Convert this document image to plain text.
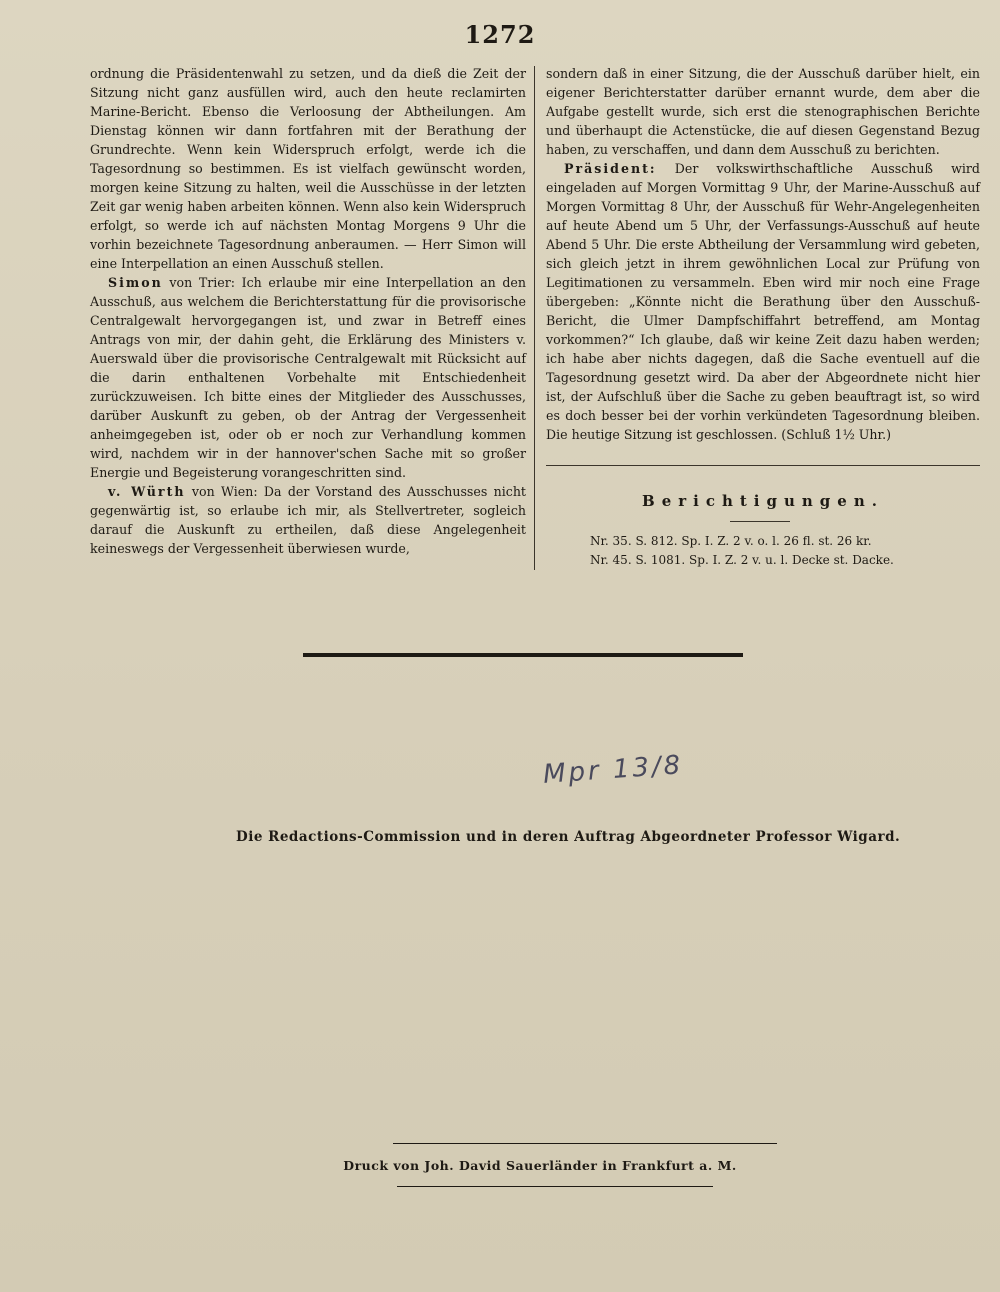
1272

ordnung die Präsidentenwahl zu setzen, und da dieß die Zeit der Sitzung nicht ganz ausfüllen wird, auch den heute reclamirten Marine-Bericht. Ebenso die Verloosung der Abtheilungen. Am Dienstag können wir dann fortfahren mit der Berathung der Grundrechte. Wenn kein Widerspruch erfolgt, werde ich die Tagesordnung so bestimmen. Es ist vielfach gewünscht worden, morgen keine Sitzung zu halten, weil die Ausschüsse in der letzten Zeit gar wenig haben arbeiten können. Wenn also kein Widerspruch erfolgt, so werde ich auf nächsten Montag Morgens 9 Uhr die vorhin bezeichnete Tagesordnung anberaumen. — Herr Simon will eine Interpellation an einen Ausschuß stellen.

Simon von Trier: Ich erlaube mir eine Interpellation an den Ausschuß, aus welchem die Berichterstattung für die provisorische Centralgewalt hervorgegangen ist, und zwar in Betreff eines Antrags von mir, der dahin geht, die Erklärung des Ministers v. Auerswald über die provisorische Centralgewalt mit Rücksicht auf die darin enthaltenen Vorbehalte mit Entschiedenheit zurückzuweisen. Ich bitte eines der Mitglieder des Ausschusses, darüber Auskunft zu geben, ob der Antrag der Vergessenheit anheimgegeben ist, oder ob er noch zur Verhandlung kommen wird, nachdem wir in der hannover'schen Sache mit so großer Energie und Begeisterung vorangeschritten sind.

v. Würth von Wien: Da der Vorstand des Ausschusses nicht gegenwärtig ist, so erlaube ich mir, als Stellvertreter, sogleich darauf die Auskunft zu ertheilen, daß diese Angelegenheit keineswegs der Vergessenheit überwiesen wurde,

sondern daß in einer Sitzung, die der Ausschuß darüber hielt, ein eigener Berichterstatter darüber ernannt wurde, dem aber die Aufgabe gestellt wurde, sich erst die stenographischen Berichte und überhaupt die Actenstücke, die auf diesen Gegenstand Bezug haben, zu verschaffen, und dann dem Ausschuß zu berichten.

Präsident: Der volkswirthschaftliche Ausschuß wird eingeladen auf Morgen Vormittag 9 Uhr, der Marine-Ausschuß auf Morgen Vormittag 8 Uhr, der Ausschuß für Wehr-Angelegenheiten auf heute Abend um 5 Uhr, der Verfassungs-Ausschuß auf heute Abend 5 Uhr. Die erste Abtheilung der Versammlung wird gebeten, sich gleich jetzt in ihrem gewöhnlichen Local zur Prüfung von Legitimationen zu versammeln. Eben wird mir noch eine Frage übergeben: „Könnte nicht die Berathung über den Ausschuß-Bericht, die Ulmer Dampfschiffahrt betreffend, am Montag vorkommen?“ Ich glaube, daß wir keine Zeit dazu haben werden; ich habe aber nichts dagegen, daß die Sache eventuell auf die Tagesordnung gesetzt wird. Da aber der Abgeordnete nicht hier ist, der Aufschluß über die Sache zu geben beauftragt ist, so wird es doch besser bei der vorhin verkündeten Tagesordnung bleiben. Die heutige Sitzung ist geschlossen. (Schluß 1½ Uhr.)

Berichtigungen.
Nr. 35. S. 812. Sp. I. Z. 2 v. o. l. 26 fl. st. 26 kr.
Nr. 45. S. 1081. Sp. I. Z. 2 v. u. l. Decke st. Dacke.
Mpr 13/8
Die Redactions-Commission und in deren Auftrag Abgeordneter Professor Wigard.
Druck von Joh. David Sauerländer in Frankfurt a. M.
